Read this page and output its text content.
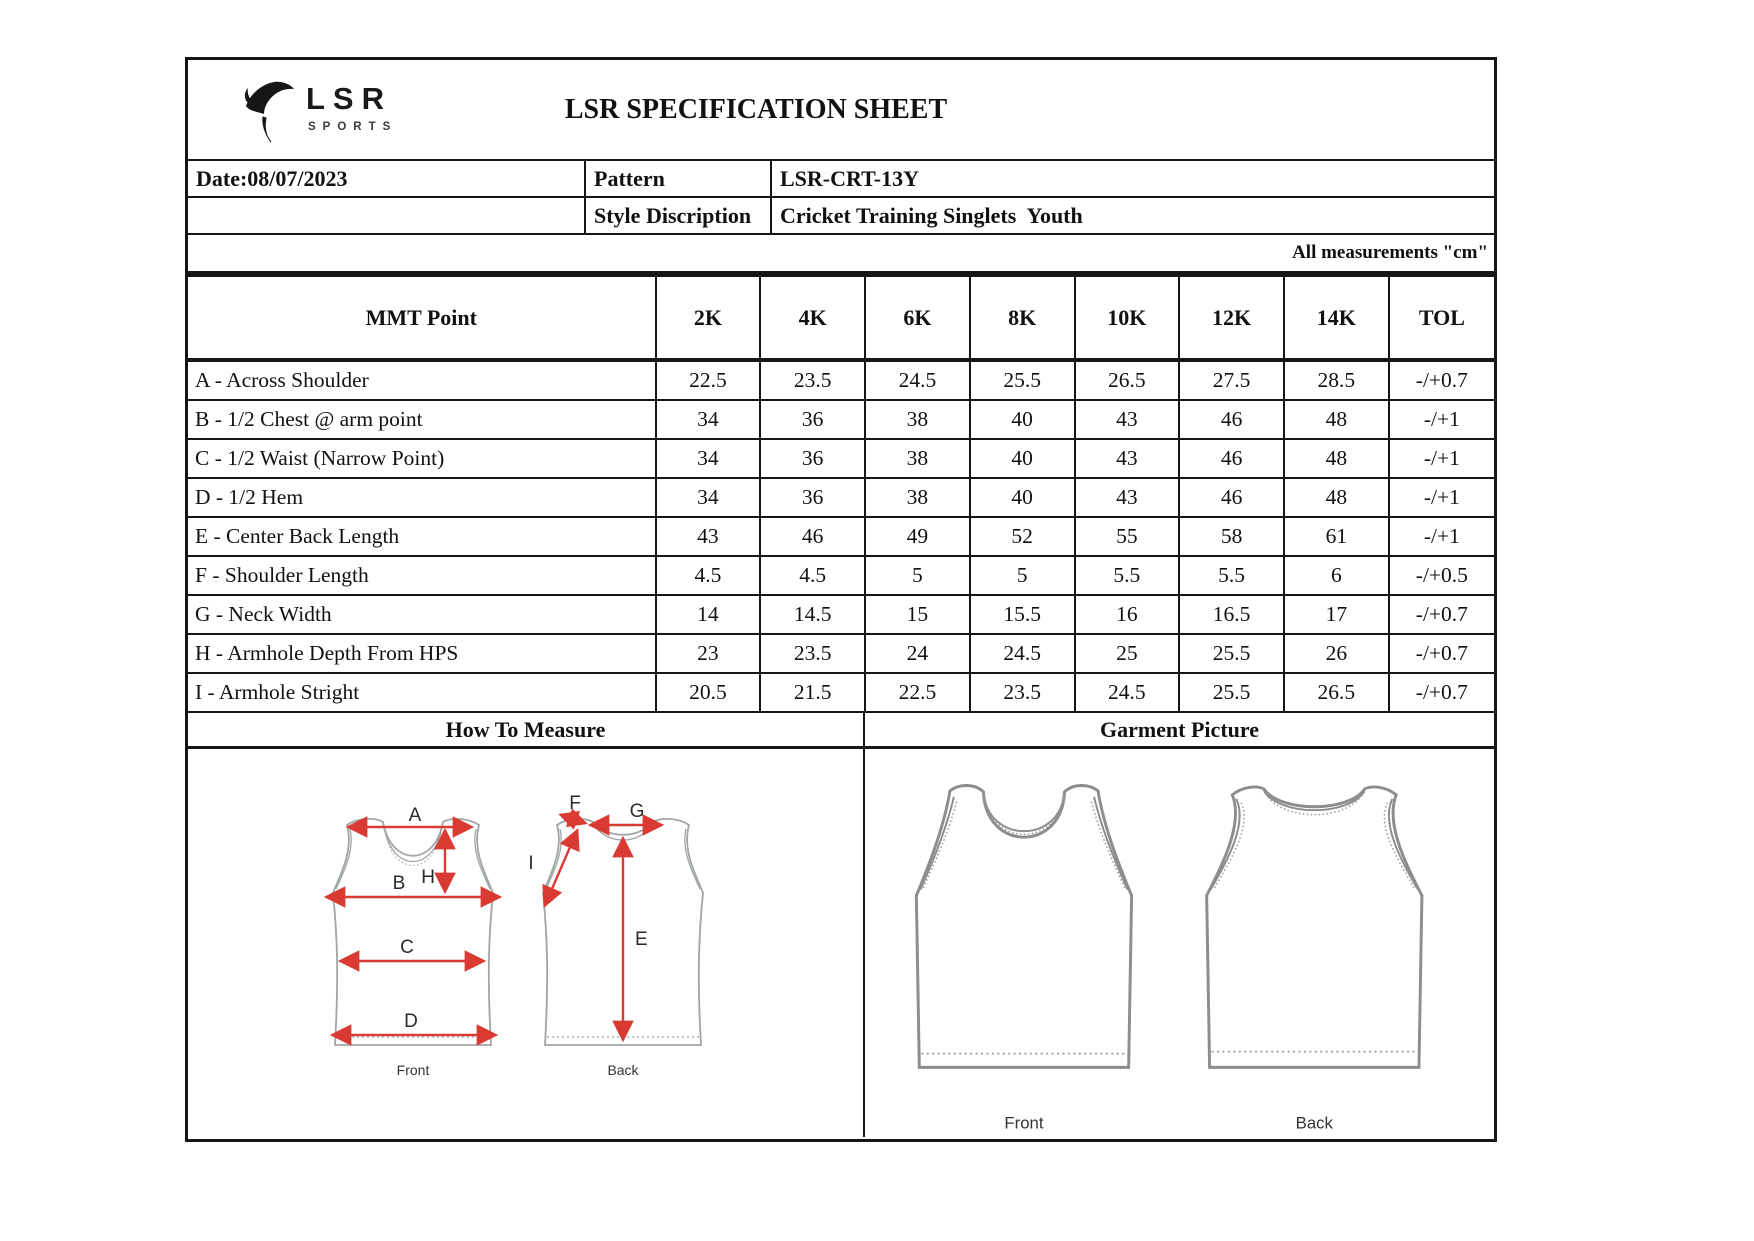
LSR
SPORTS
LSR SPECIFICATION SHEET
Date:08/07/2023	Pattern	LSR-CRT-13Y
Style Discription	Cricket Training Singlets  Youth
All measurements "cm"
MMT Point	2K	4K	6K	8K	10K	12K	14K	TOL
A - Across Shoulder	22.5	23.5	24.5	25.5	26.5	27.5	28.5	-/+0.7
B - 1/2 Chest @ arm point	34	36	38	40	43	46	48	-/+1
C - 1/2 Waist (Narrow Point)	34	36	38	40	43	46	48	-/+1
D - 1/2 Hem	34	36	38	40	43	46	48	-/+1
E - Center Back Length	43	46	49	52	55	58	61	-/+1
F - Shoulder Length	4.5	4.5	5	5	5.5	5.5	6	-/+0.5
G - Neck Width	14	14.5	15	15.5	16	16.5	17	-/+0.7
H - Armhole Depth From HPS	23	23.5	24	24.5	25	25.5	26	-/+0.7
I - Armhole Stright	20.5	21.5	22.5	23.5	24.5	25.5	26.5	-/+0.7
How To Measure	Garment Picture
A
H
B
C
D
Front
F	G
I
E
Back
Front	Back
